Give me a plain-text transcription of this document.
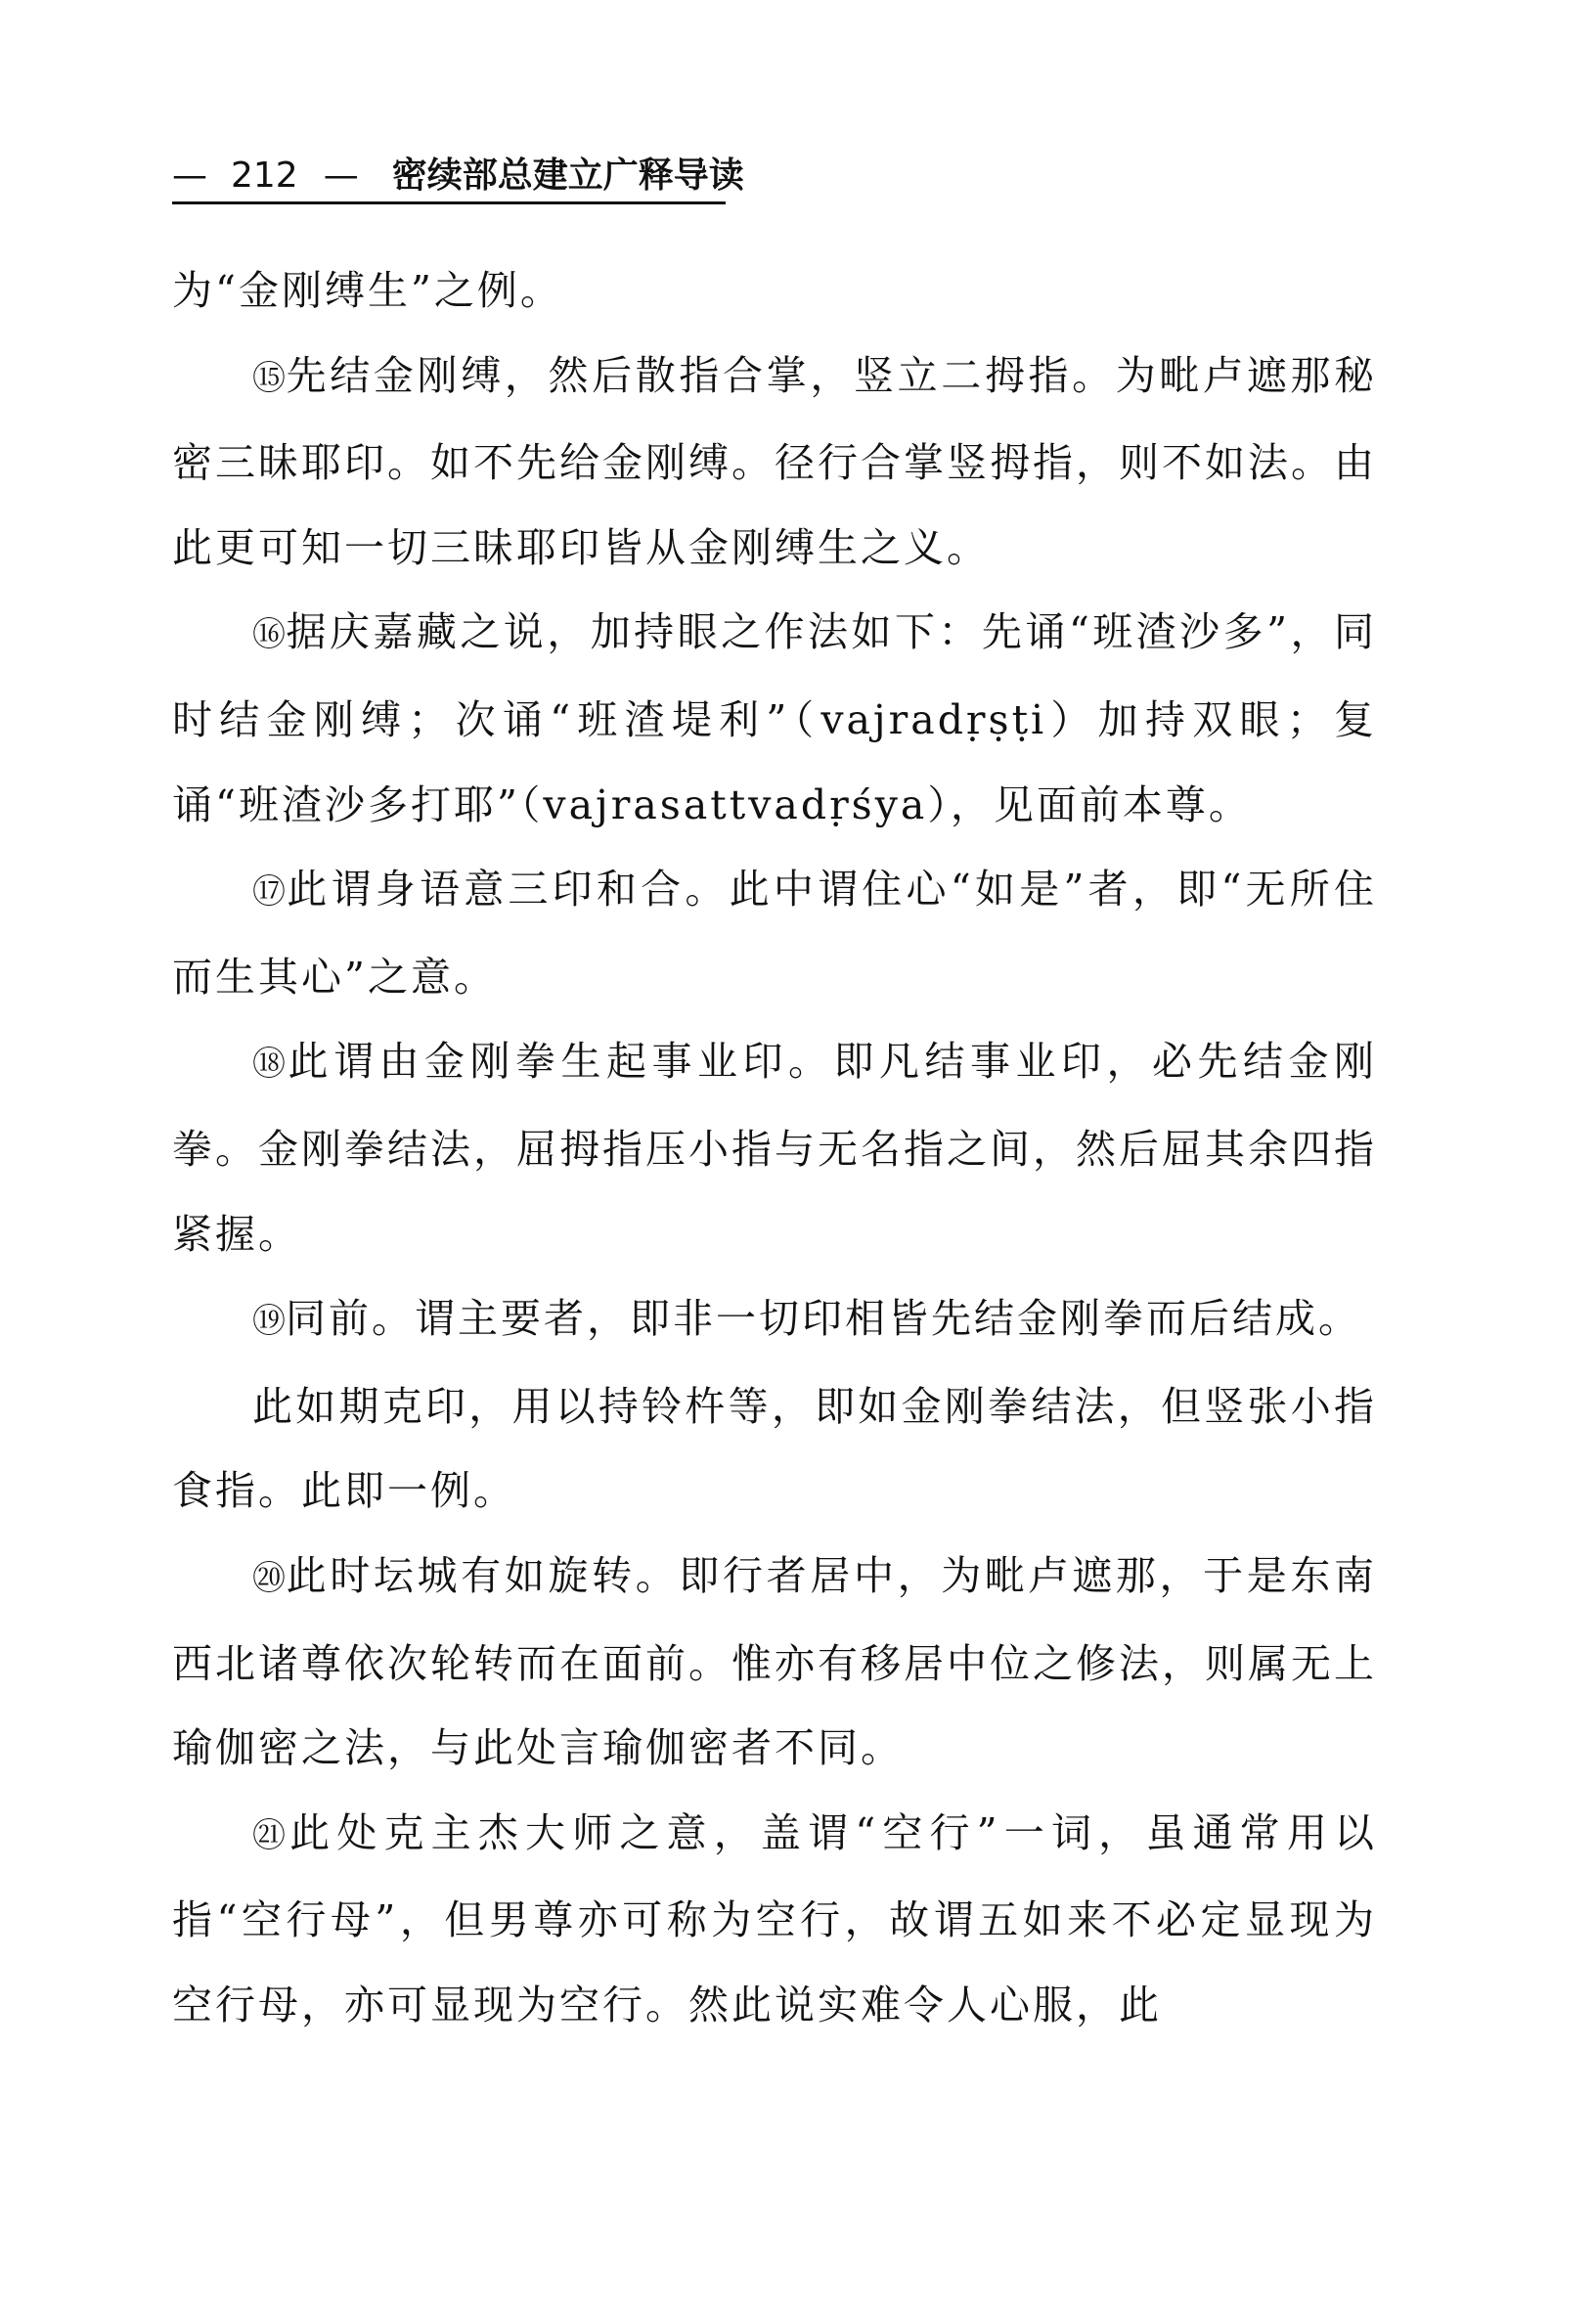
— 212 — 密续部总建立广释导读

为“金刚缚生”之例。

⑮先结金刚缚，然后散指合掌，竖立二拇指。为毗卢遮那秘密三昧耶印。如不先给金刚缚。径行合掌竖拇指，则不如法。由此更可知一切三昧耶印皆从金刚缚生之义。

⑯据庆嘉藏之说，加持眼之作法如下：先诵“班渣沙多”，同时结金刚缚；次诵“班渣堤利”（vajradṛṣṭi）加持双眼；复诵“班渣沙多打耶”（vajrasattvadṛśya），见面前本尊。

⑰此谓身语意三印和合。此中谓住心“如是”者，即“无所住而生其心”之意。

⑱此谓由金刚拳生起事业印。即凡结事业印，必先结金刚拳。金刚拳结法，屈拇指压小指与无名指之间，然后屈其余四指紧握。

⑲同前。谓主要者，即非一切印相皆先结金刚拳而后结成。

此如期克印，用以持铃杵等，即如金刚拳结法，但竖张小指食指。此即一例。

⑳此时坛城有如旋转。即行者居中，为毗卢遮那，于是东南西北诸尊依次轮转而在面前。惟亦有移居中位之修法，则属无上瑜伽密之法，与此处言瑜伽密者不同。

㉑此处克主杰大师之意，盖谓“空行”一词，虽通常用以指“空行母”，但男尊亦可称为空行，故谓五如来不必定显现为空行母，亦可显现为空行。然此说实难令人心服，此
